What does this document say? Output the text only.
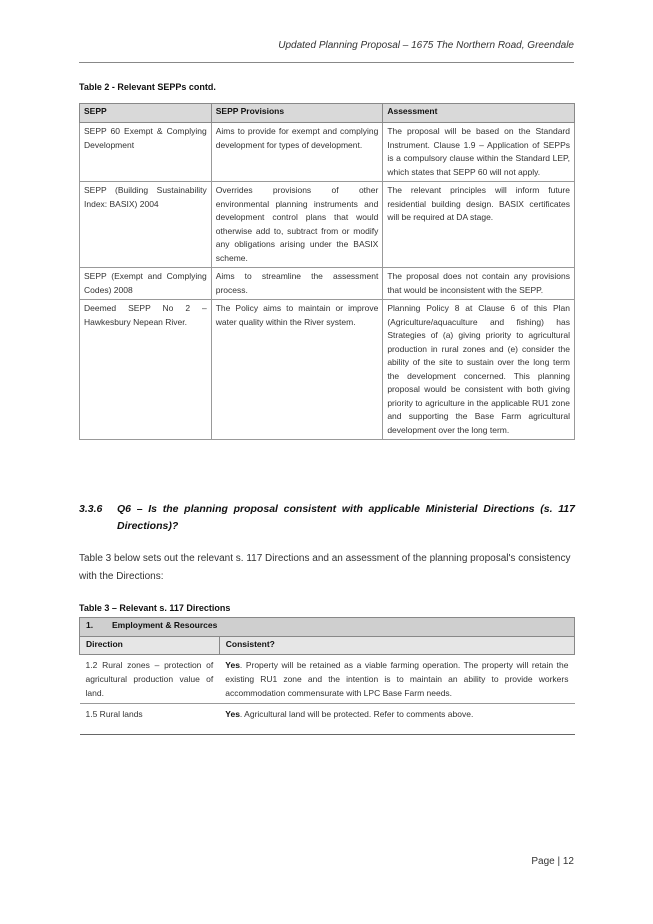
Updated Planning Proposal – 1675 The Northern Road, Greendale
Table 2 - Relevant SEPPs contd.
SEPP	SEPP Provisions	Assessment
SEPP 60 Exempt & Complying Development	Aims to provide for exempt and complying development for types of development.	The proposal will be based on the Standard Instrument. Clause 1.9 – Application of SEPPs is a compulsory clause within the Standard LEP, which states that SEPP 60 will not apply.
SEPP (Building Sustainability Index: BASIX) 2004	Overrides provisions of other environmental planning instruments and development control plans that would otherwise add to, subtract from or modify any obligations arising under the BASIX scheme.	The relevant principles will inform future residential building design. BASIX certificates will be required at DA stage.
SEPP (Exempt and Complying Codes) 2008	Aims to streamline the assessment process.	The proposal does not contain any provisions that would be inconsistent with the SEPP.
Deemed SEPP No 2 – Hawkesbury Nepean River.	The Policy aims to maintain or improve water quality within the River system.	Planning Policy 8 at Clause 6 of this Plan (Agriculture/aquaculture and fishing) has Strategies of (a) giving priority to agricultural production in rural zones and (e) consider the ability of the site to sustain over the long term the development concerned. This planning proposal would be consistent with both giving priority to agriculture in the applicable RU1 zone and supporting the Base Farm agricultural development over the long term.
3.3.6 Q6 – Is the planning proposal consistent with applicable Ministerial Directions (s. 117 Directions)?
Table 3 below sets out the relevant s. 117 Directions and an assessment of the planning proposal's consistency with the Directions:
Table 3 – Relevant s. 117 Directions
1. Employment & Resources	
Direction	Consistent?
1.2 Rural zones – protection of agricultural production value of land.	Yes. Property will be retained as a viable farming operation. The property will retain the existing RU1 zone and the intention is to maintain an ability to provide workers accommodation commensurate with LPC Base Farm needs.
1.5 Rural lands	Yes. Agricultural land will be protected. Refer to comments above.
Page | 12
